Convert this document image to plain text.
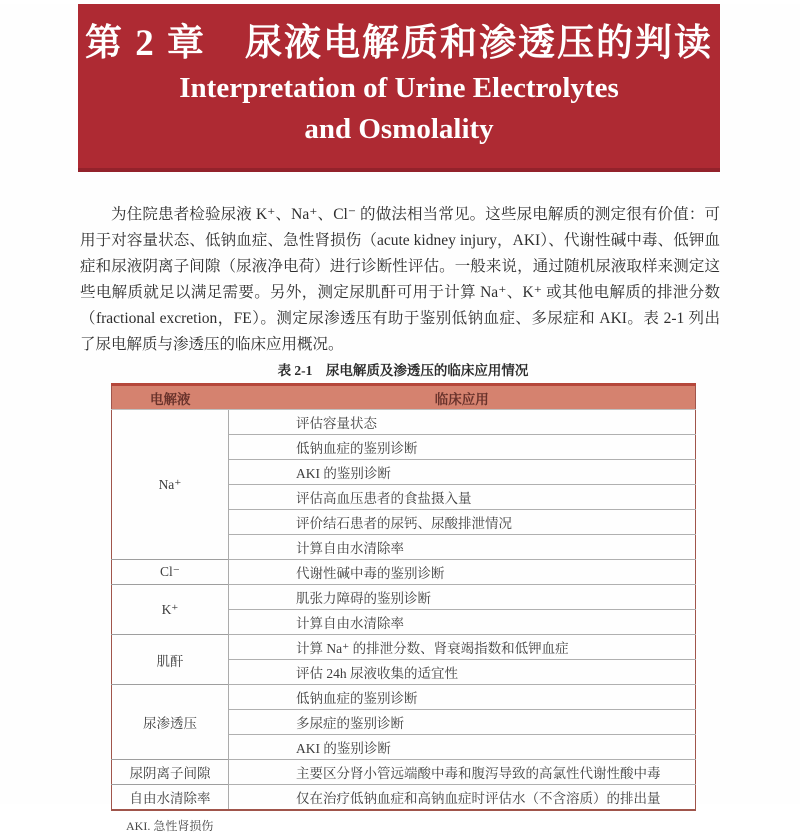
第 2 章　尿液电解质和渗透压的判读
Interpretation of Urine Electrolytes
and Osmolality

为住院患者检验尿液 K⁺、Na⁺、Cl⁻ 的做法相当常见。这些尿电解质的测定很有价值：可用于对容量状态、低钠血症、急性肾损伤（acute kidney injury，AKI）、代谢性碱中毒、低钾血症和尿液阴离子间隙（尿液净电荷）进行诊断性评估。一般来说，通过随机尿液取样来测定这些电解质就足以满足需要。另外，测定尿肌酐可用于计算 Na⁺、K⁺ 或其他电解质的排泄分数（fractional excretion，FE）。测定尿渗透压有助于鉴别低钠血症、多尿症和 AKI。表 2-1 列出了尿电解质与渗透压的临床应用概况。

表 2-1　尿电解质及渗透压的临床应用情况
电解液	临床应用
Na⁺	评估容量状态
	低钠血症的鉴别诊断
	AKI 的鉴别诊断
	评估高血压患者的食盐摄入量
	评价结石患者的尿钙、尿酸排泄情况
	计算自由水清除率
Cl⁻	代谢性碱中毒的鉴别诊断
K⁺	肌张力障碍的鉴别诊断
	计算自由水清除率
肌酐	计算 Na⁺ 的排泄分数、肾衰竭指数和低钾血症
	评估 24h 尿液收集的适宜性
尿渗透压	低钠血症的鉴别诊断
	多尿症的鉴别诊断
	AKI 的鉴别诊断
尿阴离子间隙	主要区分肾小管远端酸中毒和腹泻导致的高氯性代谢性酸中毒
自由水清除率	仅在治疗低钠血症和高钠血症时评估水（不含溶质）的排出量
AKI. 急性肾损伤
